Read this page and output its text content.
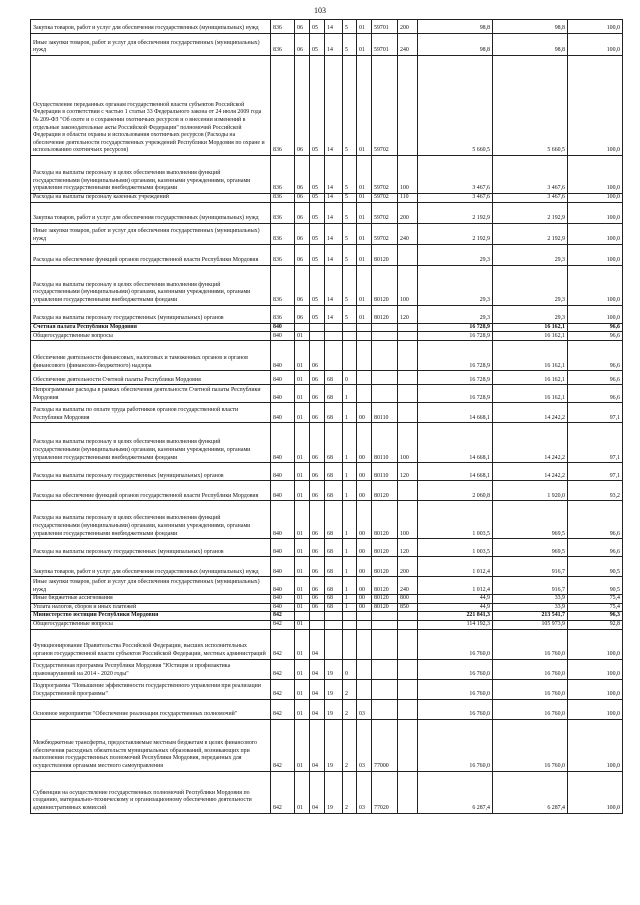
103
Закупка товаров, работ и услуг для обеспечения государственных (муниципальных) нужд	836	06	05	14	5	01	59701	200	98,8	98,8	100,0
Иные закупки товаров, работ и услуг для обеспечения государственных (муниципальных) нужд	836	06	05	14	5	01	59701	240	98,8	98,8	100,0
Осуществление переданных органам государственной власти субъектов Российской Федерации в соответствии с частью 1 статьи 33 Федерального закона от 24 июля 2009 года № 209-ФЗ "Об охоте и о сохранении охотничьих ресурсов и о внесении изменений в отдельные законодательные акты Российской Федерации" полномочий Российской Федерации в области охраны и использования охотничьих ресурсов (Расходы на обеспечение деятельности государственных учреждений Республики Мордовия по охране и использованию охотничьих ресурсов)	836	06	05	14	5	01	59702		5 660,5	5 660,5	100,0
Расходы на выплаты персоналу в целях обеспечения выполнения функций государственными (муниципальными) органами, казенными учреждениями, органами управления государственными внебюджетными фондами	836	06	05	14	5	01	59702	100	3 467,6	3 467,6	100,0
Расходы на выплаты персоналу казенных учреждений	836	06	05	14	5	01	59702	110	3 467,6	3 467,6	100,0
Закупка товаров, работ и услуг для обеспечения государственных (муниципальных) нужд	836	06	05	14	5	01	59702	200	2 192,9	2 192,9	100,0
Иные закупки товаров, работ и услуг для обеспечения государственных (муниципальных) нужд	836	06	05	14	5	01	59702	240	2 192,9	2 192,9	100,0
Расходы на обеспечение функций органов государственной власти Республики Мордовия	836	06	05	14	5	01	80120		29,3	29,3	100,0
Расходы на выплаты персоналу в целях обеспечения выполнения функций государственными (муниципальными) органами, казенными учреждениями, органами управления государственными внебюджетными фондами	836	06	05	14	5	01	80120	100	29,3	29,3	100,0
Расходы на выплаты персоналу государственных (муниципальных) органов	836	06	05	14	5	01	80120	120	29,3	29,3	100,0
Счетная палата Республики Мордовия	840								16 728,9	16 162,1	96,6
Общегосударственные вопросы	840	01							16 728,9	16 162,1	96,6
Обеспечение деятельности финансовых, налоговых и таможенных органов и органов финансового (финансово-бюджетного) надзора	840	01	06						16 728,9	16 162,1	96,6
Обеспечение деятельности Счетной палаты Республики Мордовия	840	01	06	68	0				16 728,9	16 162,1	96,6
Непрограммные расходы в рамках обеспечения деятельности Счетной палаты Республики Мордовия	840	01	06	68	1				16 728,9	16 162,1	96,6
Расходы на выплаты по оплате труда работников органов государственной власти Республики Мордовия	840	01	06	68	1	00	80110		14 668,1	14 242,2	97,1
Расходы на выплаты персоналу в целях обеспечения выполнения функций государственными (муниципальными) органами, казенными учреждениями, органами управления государственными внебюджетными фондами	840	01	06	68	1	00	80110	100	14 668,1	14 242,2	97,1
Расходы на выплаты персоналу государственных (муниципальных) органов	840	01	06	68	1	00	80110	120	14 668,1	14 242,2	97,1
Расходы на обеспечение функций органов государственной власти Республики Мордовия	840	01	06	68	1	00	80120		2 060,8	1 920,0	93,2
Расходы на выплаты персоналу в целях обеспечения выполнения функций государственными (муниципальными) органами, казенными учреждениями, органами управления государственными внебюджетными фондами	840	01	06	68	1	00	80120	100	1 003,5	969,5	96,6
Расходы на выплаты персоналу государственных (муниципальных) органов	840	01	06	68	1	00	80120	120	1 003,5	969,5	96,6
Закупка товаров, работ и услуг для обеспечения государственных (муниципальных) нужд	840	01	06	68	1	00	80120	200	1 012,4	916,7	90,5
Иные закупки товаров, работ и услуг для обеспечения государственных (муниципальных) нужд	840	01	06	68	1	00	80120	240	1 012,4	916,7	90,5
Иные бюджетные ассигнования	840	01	06	68	1	00	80120	800	44,9	33,9	75,4
Уплата налогов, сборов и иных платежей	840	01	06	68	1	00	80120	850	44,9	33,9	75,4
Министерство юстиции Республики Мордовия	842								221 841,3	213 541,7	96,3
Общегосударственные вопросы	842	01							114 192,3	105 973,9	92,8
Функционирование Правительства Российской Федерации, высших исполнительных органов государственной власти субъектов Российской Федерации, местных администраций	842	01	04						16 760,0	16 760,0	100,0
Государственная программа Республики Мордовия "Юстиция и профилактика правонарушений на 2014 - 2020 годы"	842	01	04	19	0				16 760,0	16 760,0	100,0
Подпрограмма "Повышение эффективности государственного управления при реализации Государственной программы"	842	01	04	19	2				16 760,0	16 760,0	100,0
Основное мероприятие "Обеспечение реализации государственных полномочий"	842	01	04	19	2	03			16 760,0	16 760,0	100,0
Межбюджетные трансферты, предоставляемые местным бюджетам в целях финансового обеспечения расходных обязательств муниципальных образований, возникающих при выполнении государственных полномочий Республики Мордовия, переданных для осуществления органами местного самоуправления	842	01	04	19	2	03	77000		16 760,0	16 760,0	100,0
Субвенции на осуществление государственных полномочий Республики Мордовия по созданию, материально-техническому и организационному обеспечению деятельности административных комиссий	842	01	04	19	2	03	77020		6 287,4	6 287,4	100,0
